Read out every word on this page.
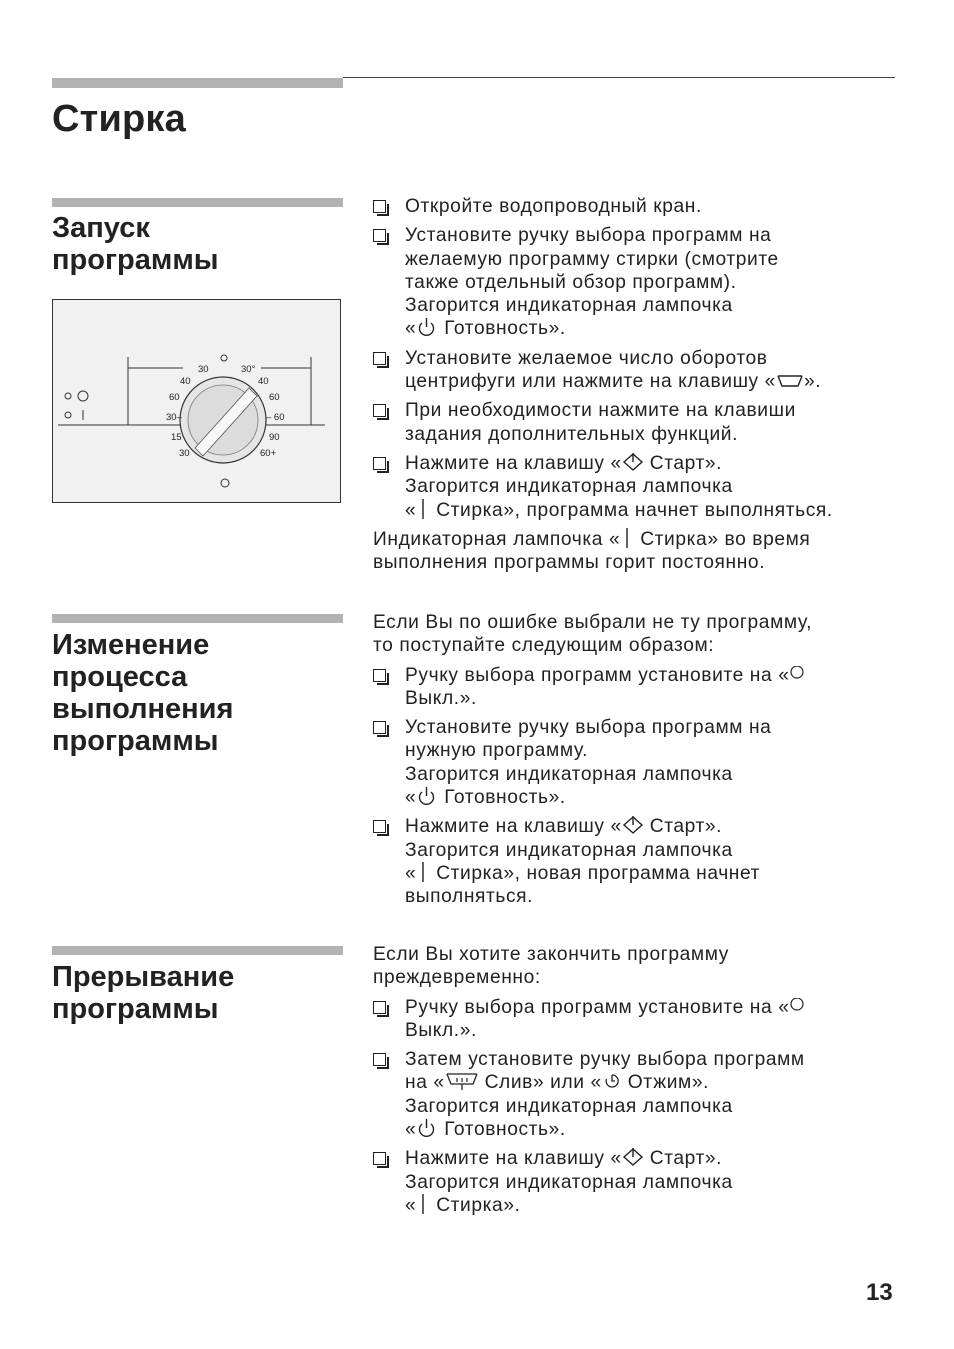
Стирка
Запуск
программы
30	30°
40	40
60	60
30–	– 60
15	90
30	60+
Откройте водопроводный кран.
Установите ручку выбора программ на
желаемую программу стирки (смотрите
также отдельный обзор программ).
Загорится индикаторная лампочка
« Готовность».
Установите желаемое число оборотов
центрифуги или нажмите на клавишу « ».
При необходимости нажмите на клавиши
задания дополнительных функций.
Нажмите на клавишу « Старт».
Загорится индикаторная лампочка
« Стирка», программа начнет выполняться.

Индикаторная лампочка « Стирка» во время
выполнения программы горит постоянно.

Изменение
процесса
выполнения
программы

Если Вы по ошибке выбрали не ту программу,
то поступайте следующим образом:

Ручку выбора программ установите на «
Выкл.».
Установите ручку выбора программ на
нужную программу.
Загорится индикаторная лампочка
« Готовность».
Нажмите на клавишу « Старт».
Загорится индикаторная лампочка
« Стирка», новая программа начнет
выполняться.
Прерывание
программы

Если Вы хотите закончить программу
преждевременно:

Ручку выбора программ установите на «
Выкл.».
Затем установите ручку выбора программ
на « Слив» или « Отжим».
Загорится индикаторная лампочка
« Готовность».
Нажмите на клавишу « Старт».
Загорится индикаторная лампочка
« Стирка».
13
